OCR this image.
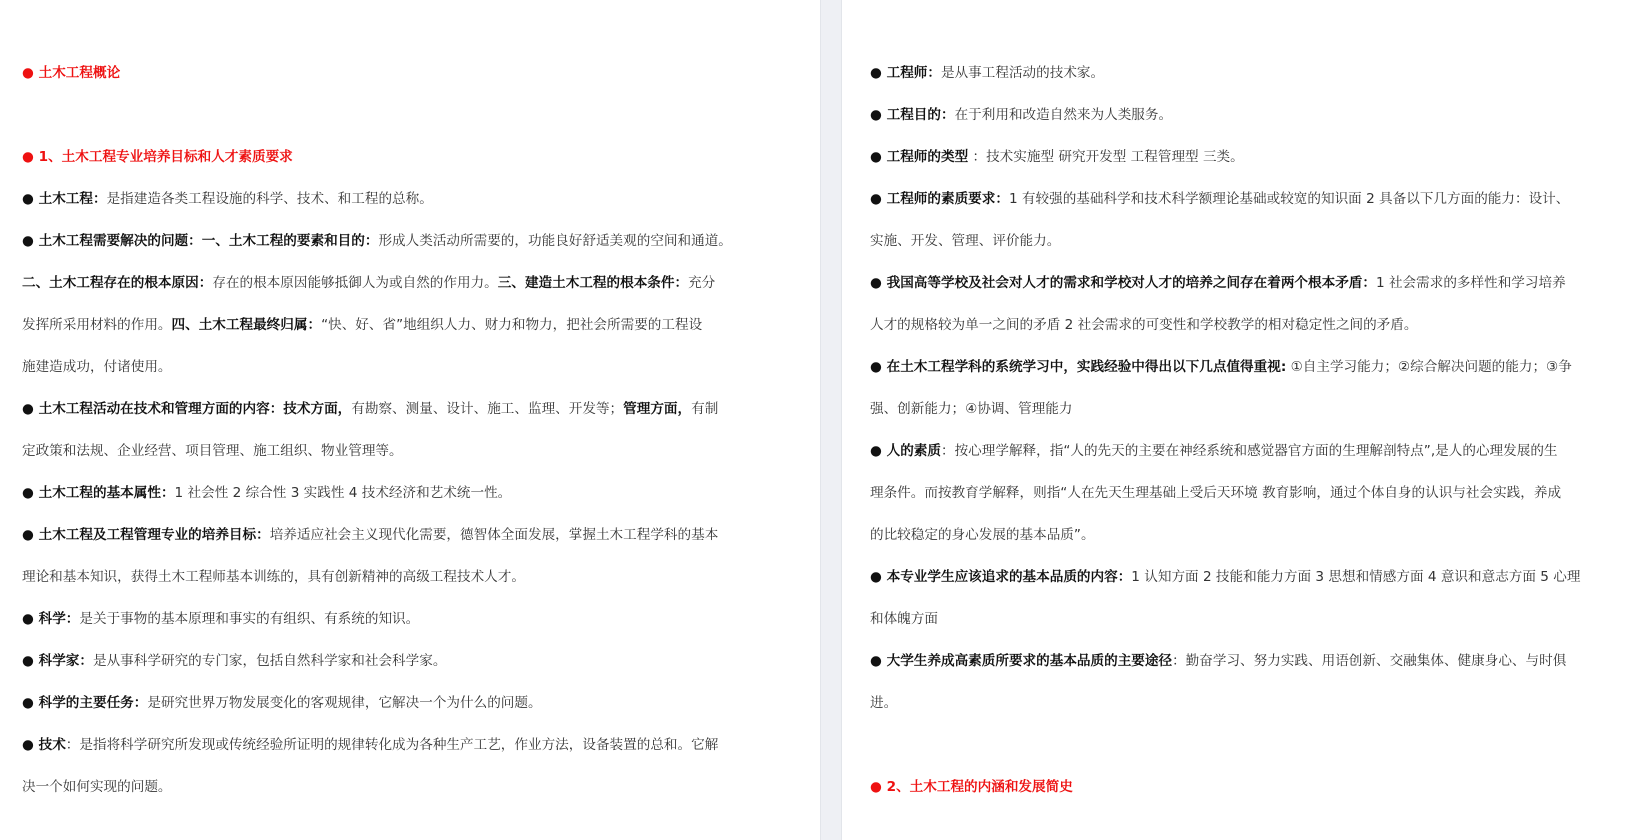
● 土木工程概论
● 1、土木工程专业培养目标和人才素质要求
● 土木工程：是指建造各类工程设施的科学、技术、和工程的总称。
● 土木工程需要解决的问题：一、土木工程的要素和目的：形成人类活动所需要的，功能良好舒适美观的空间和通道。
二、土木工程存在的根本原因：存在的根本原因能够抵御人为或自然的作用力。三、建造土木工程的根本条件：充分
发挥所采用材料的作用。四、土木工程最终归属：“快、好、省”地组织人力、财力和物力，把社会所需要的工程设
施建造成功，付诸使用。
● 土木工程活动在技术和管理方面的内容：技术方面，有勘察、测量、设计、施工、监理、开发等；管理方面，有制
定政策和法规、企业经营、项目管理、施工组织、物业管理等。
● 土木工程的基本属性：1 社会性 2 综合性 3 实践性 4 技术经济和艺术统一性。
● 土木工程及工程管理专业的培养目标：培养适应社会主义现代化需要，德智体全面发展，掌握土木工程学科的基本
理论和基本知识，获得土木工程师基本训练的，具有创新精神的高级工程技术人才。
● 科学：是关于事物的基本原理和事实的有组织、有系统的知识。
● 科学家：是从事科学研究的专门家，包括自然科学家和社会科学家。
● 科学的主要任务：是研究世界万物发展变化的客观规律，它解决一个为什么的问题。
● 技术：是指将科学研究所发现或传统经验所证明的规律转化成为各种生产工艺，作业方法，设备装置的总和。它解
决一个如何实现的问题。
● 工程师：是从事工程活动的技术家。
● 工程目的：在于利用和改造自然来为人类服务。
● 工程师的类型 ：技术实施型 研究开发型 工程管理型 三类。
● 工程师的素质要求：1 有较强的基础科学和技术科学额理论基础或较宽的知识面 2 具备以下几方面的能力：设计、
实施、开发、管理、评价能力。
● 我国高等学校及社会对人才的需求和学校对人才的培养之间存在着两个根本矛盾：1 社会需求的多样性和学习培养
人才的规格较为单一之间的矛盾 2 社会需求的可变性和学校教学的相对稳定性之间的矛盾。
● 在土木工程学科的系统学习中，实践经验中得出以下几点值得重视: ①自主学习能力；②综合解决问题的能力；③争
强、创新能力；④协调、管理能力
● 人的素质：按心理学解释，指“人的先天的主要在神经系统和感觉器官方面的生理解剖特点”,是人的心理发展的生
理条件。而按教育学解释，则指“人在先天生理基础上受后天环境 教育影响，通过个体自身的认识与社会实践，养成
的比较稳定的身心发展的基本品质”。
● 本专业学生应该追求的基本品质的内容：1 认知方面 2 技能和能力方面 3 思想和情感方面 4 意识和意志方面 5 心理
和体魄方面
● 大学生养成高素质所要求的基本品质的主要途径：勤奋学习、努力实践、用语创新、交融集体、健康身心、与时俱
进。
● 2、土木工程的内涵和发展简史
